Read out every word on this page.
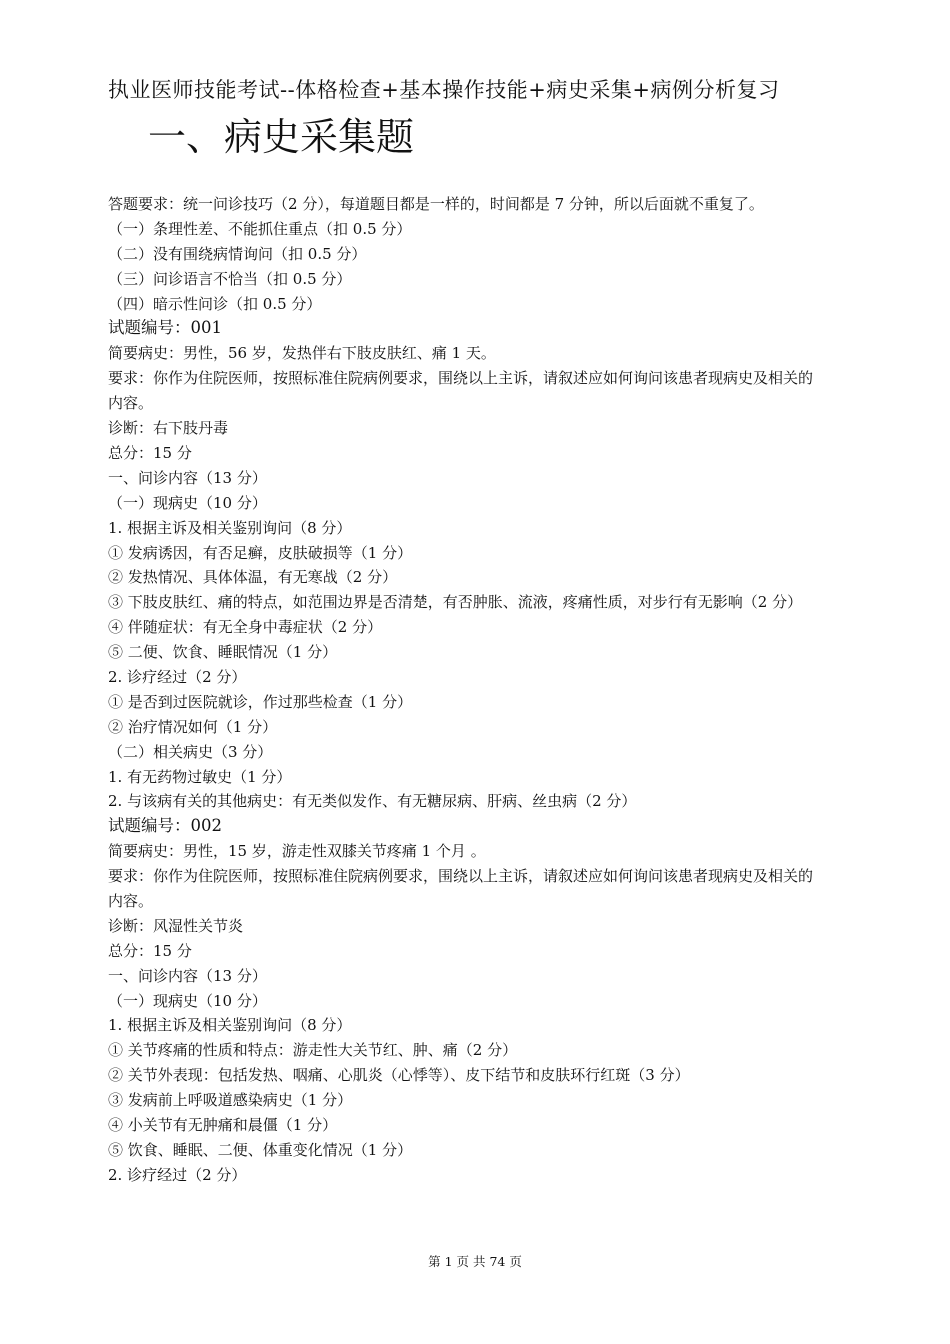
执业医师技能考试--体格检查+基本操作技能+病史采集+病例分析复习
一、病史采集题
答题要求：统一问诊技巧（2 分），每道题目都是一样的，时间都是 7 分钟，所以后面就不重复了。
（一）条理性差、不能抓住重点（扣 0.5 分）
（二）没有围绕病情询问（扣 0.5 分）
（三）问诊语言不恰当（扣 0.5 分）
（四）暗示性问诊（扣 0.5 分）
试题编号：001
简要病史：男性，56 岁，发热伴右下肢皮肤红、痛 1 天。
要求：你作为住院医师，按照标准住院病例要求，围绕以上主诉，请叙述应如何询问该患者现病史及相关的内容。
诊断：右下肢丹毒
总分：15 分
一、问诊内容（13 分）
（一）现病史（10 分）
1. 根据主诉及相关鉴别询问（8 分）
① 发病诱因，有否足癣，皮肤破损等（1 分）
② 发热情况、具体体温，有无寒战（2 分）
③ 下肢皮肤红、痛的特点，如范围边界是否清楚，有否肿胀、流液，疼痛性质，对步行有无影响（2 分）
④ 伴随症状：有无全身中毒症状（2 分）
⑤ 二便、饮食、睡眠情况（1 分）
2. 诊疗经过（2 分）
① 是否到过医院就诊，作过那些检查（1 分）
② 治疗情况如何（1 分）
（二）相关病史（3 分）
1. 有无药物过敏史（1 分）
2. 与该病有关的其他病史：有无类似发作、有无糖尿病、肝病、丝虫病（2 分）
试题编号：002
简要病史：男性，15 岁，游走性双膝关节疼痛 1 个月 。
要求：你作为住院医师，按照标准住院病例要求，围绕以上主诉，请叙述应如何询问该患者现病史及相关的内容。
诊断：风湿性关节炎
总分：15 分
一、问诊内容（13 分）
（一）现病史（10 分）
1. 根据主诉及相关鉴别询问（8 分）
① 关节疼痛的性质和特点：游走性大关节红、肿、痛（2 分）
② 关节外表现：包括发热、咽痛、心肌炎（心悸等）、皮下结节和皮肤环行红斑（3 分）
③ 发病前上呼吸道感染病史（1 分）
④ 小关节有无肿痛和晨僵（1 分）
⑤ 饮食、睡眠、二便、体重变化情况（1 分）
2. 诊疗经过（2 分）
第 1 页 共 74 页
